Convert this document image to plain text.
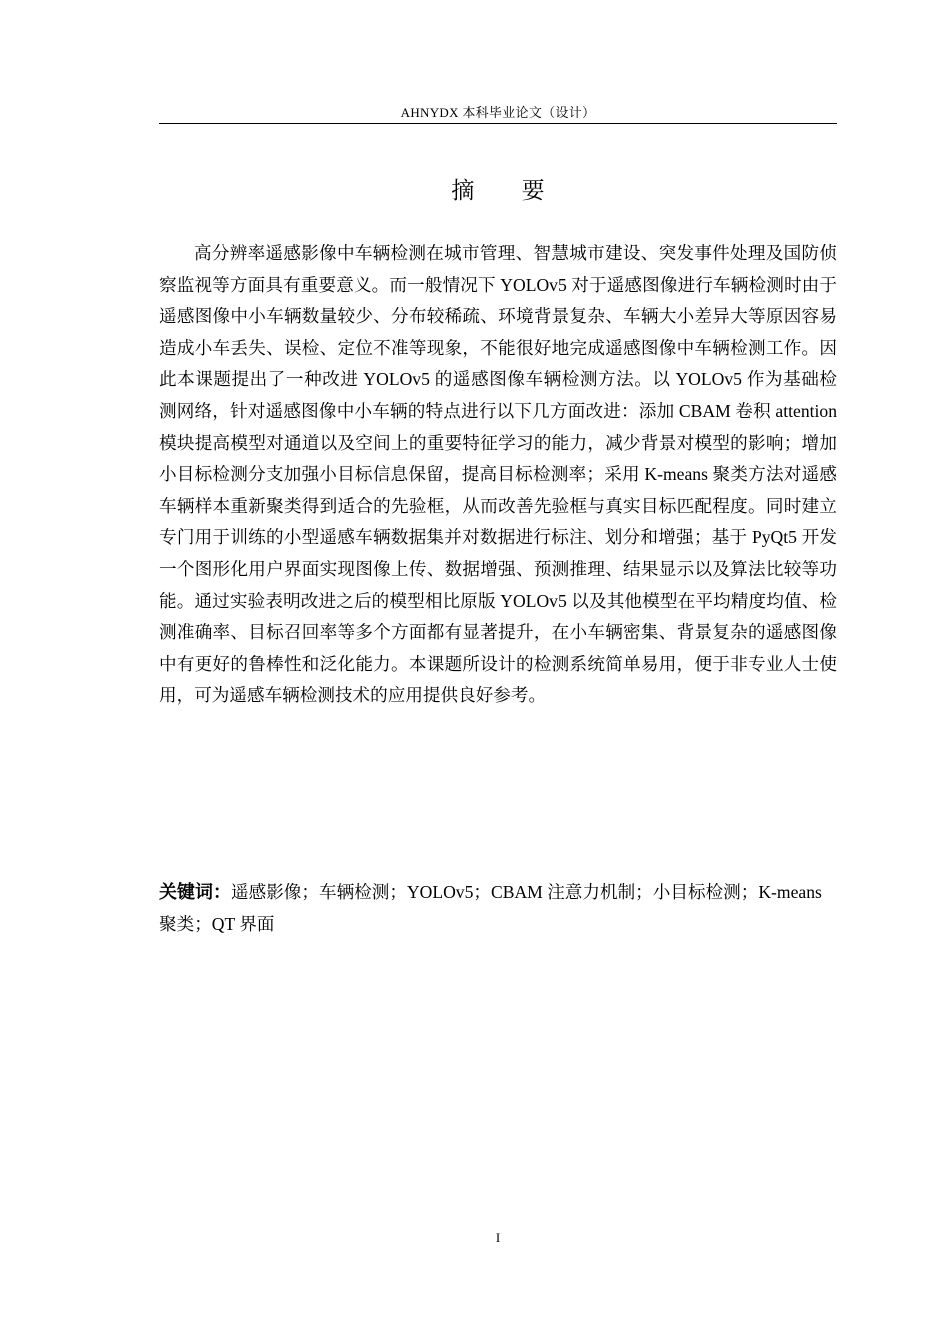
AHNYDX 本科毕业论文（设计）
摘 要

高分辨率遥感影像中车辆检测在城市管理、智慧城市建设、突发事件处理及国防侦察监视等方面具有重要意义。而一般情况下 YOLOv5 对于遥感图像进行车辆检测时由于遥感图像中小车辆数量较少、分布较稀疏、环境背景复杂、车辆大小差异大等原因容易造成小车丢失、误检、定位不准等现象，不能很好地完成遥感图像中车辆检测工作。因此本课题提出了一种改进 YOLOv5 的遥感图像车辆检测方法。以 YOLOv5 作为基础检测网络，针对遥感图像中小车辆的特点进行以下几方面改进：添加 CBAM 卷积 attention 模块提高模型对通道以及空间上的重要特征学习的能力，减少背景对模型的影响；增加小目标检测分支加强小目标信息保留，提高目标检测率；采用 K-means 聚类方法对遥感车辆样本重新聚类得到适合的先验框，从而改善先验框与真实目标匹配程度。同时建立专门用于训练的小型遥感车辆数据集并对数据进行标注、划分和增强；基于 PyQt5 开发一个图形化用户界面实现图像上传、数据增强、预测推理、结果显示以及算法比较等功能。通过实验表明改进之后的模型相比原版 YOLOv5 以及其他模型在平均精度均值、检测准确率、目标召回率等多个方面都有显著提升，在小车辆密集、背景复杂的遥感图像中有更好的鲁棒性和泛化能力。本课题所设计的检测系统简单易用，便于非专业人士使用，可为遥感车辆检测技术的应用提供良好参考。

关键词：遥感影像；车辆检测；YOLOv5；CBAM 注意力机制；小目标检测；K-means 聚类；QT 界面

I
